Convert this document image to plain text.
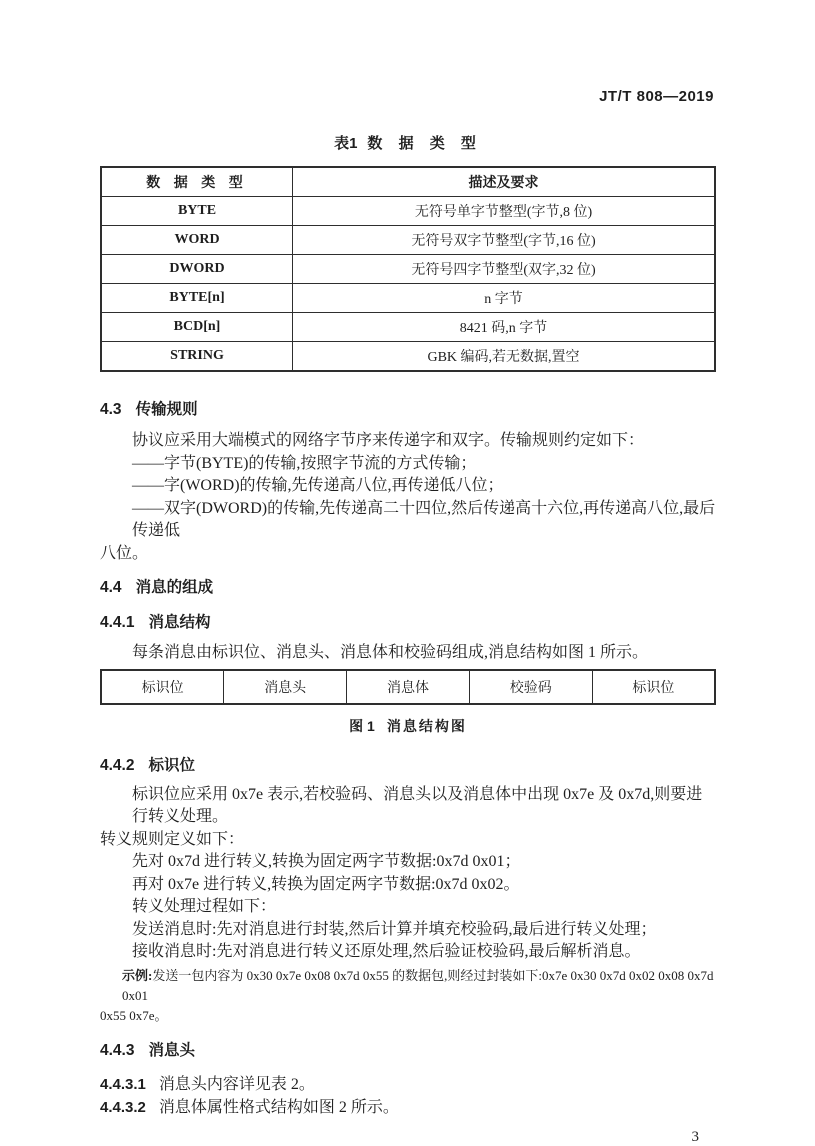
JT/T 808—2019
表1 数 据 类 型
数 据 类 型	描述及要求
BYTE	无符号单字节整型(字节,8 位)
WORD	无符号双字节整型(字节,16 位)
DWORD	无符号四字节整型(双字,32 位)
BYTE[n]	n 字节
BCD[n]	8421 码,n 字节
STRING	GBK 编码,若无数据,置空
4.3 传输规则
协议应采用大端模式的网络字节序来传递字和双字。传输规则约定如下：
——字节(BYTE)的传输,按照字节流的方式传输；
——字(WORD)的传输,先传递高八位,再传递低八位；
——双字(DWORD)的传输,先传递高二十四位,然后传递高十六位,再传递高八位,最后传递低
八位。
4.4 消息的组成
4.4.1 消息结构
每条消息由标识位、消息头、消息体和校验码组成,消息结构如图 1 所示。
标识位	消息头	消息体	校验码	标识位
图 1 消息结构图
4.4.2 标识位
标识位应采用 0x7e 表示,若校验码、消息头以及消息体中出现 0x7e 及 0x7d,则要进行转义处理。
转义规则定义如下：
先对 0x7d 进行转义,转换为固定两字节数据:0x7d 0x01；
再对 0x7e 进行转义,转换为固定两字节数据:0x7d 0x02。
转义处理过程如下：
发送消息时:先对消息进行封装,然后计算并填充校验码,最后进行转义处理；
接收消息时:先对消息进行转义还原处理,然后验证校验码,最后解析消息。
示例:发送一包内容为 0x30 0x7e 0x08 0x7d 0x55 的数据包,则经过封装如下:0x7e 0x30 0x7d 0x02 0x08 0x7d 0x01
0x55 0x7e。
4.4.3 消息头
4.4.3.1 消息头内容详见表 2。
4.4.3.2 消息体属性格式结构如图 2 所示。
3
